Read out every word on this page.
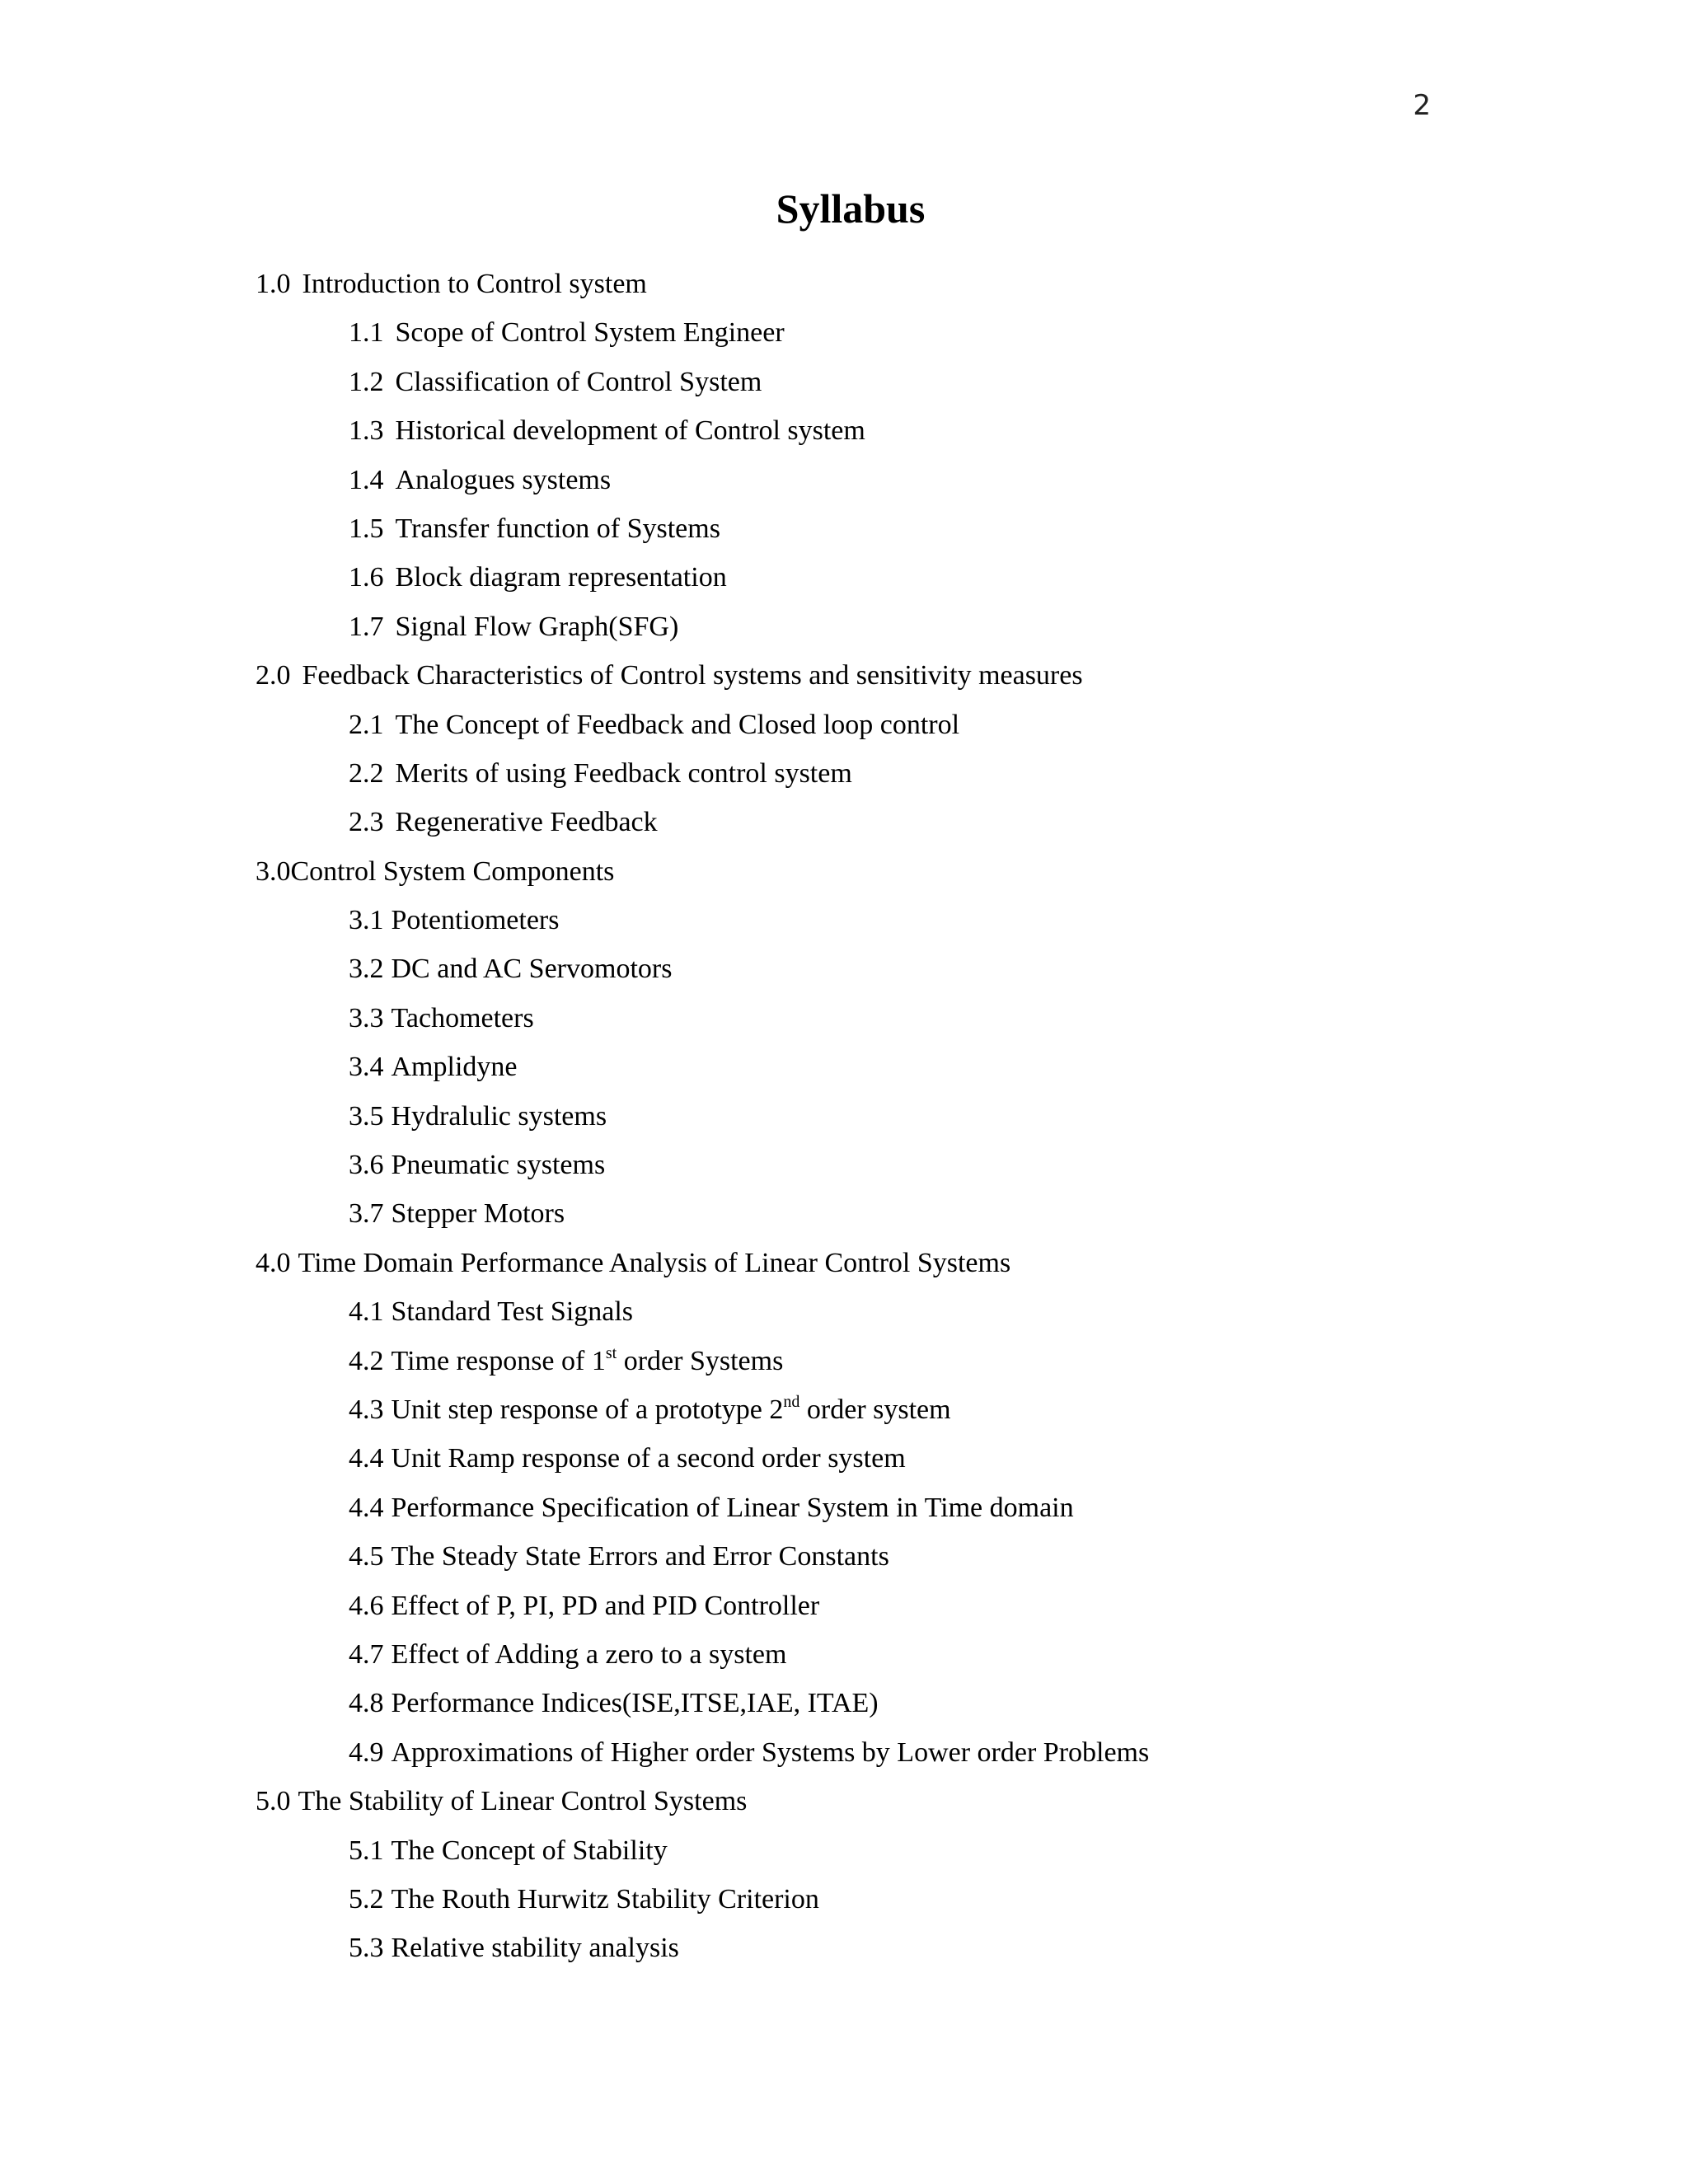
2
Syllabus
1.0 Introduction to Control system
1.1 Scope of Control System Engineer
1.2 Classification of Control System
1.3 Historical development of Control system
1.4 Analogues systems
1.5 Transfer function of Systems
1.6 Block diagram representation
1.7 Signal Flow Graph(SFG)
2.0 Feedback Characteristics of Control systems and sensitivity measures
2.1 The Concept of Feedback and Closed loop control
2.2 Merits of using Feedback control system
2.3 Regenerative Feedback
3.0Control System Components
3.1 Potentiometers
3.2 DC and AC Servomotors
3.3 Tachometers
3.4 Amplidyne
3.5 Hydralulic systems
3.6 Pneumatic systems
3.7 Stepper Motors
4.0 Time Domain Performance Analysis of Linear Control Systems
4.1 Standard Test Signals
4.2 Time response of 1st order Systems
4.3 Unit step response of a prototype 2nd order system
4.4 Unit Ramp response of a second order system
4.4 Performance Specification of Linear System in Time domain
4.5 The Steady State Errors and Error Constants
4.6 Effect of P, PI, PD and PID Controller
4.7 Effect of Adding a zero to a system
4.8 Performance Indices(ISE,ITSE,IAE, ITAE)
4.9 Approximations of Higher order Systems by Lower order Problems
5.0 The Stability of Linear Control Systems
5.1 The Concept of Stability
5.2 The Routh Hurwitz Stability Criterion
5.3 Relative stability analysis
